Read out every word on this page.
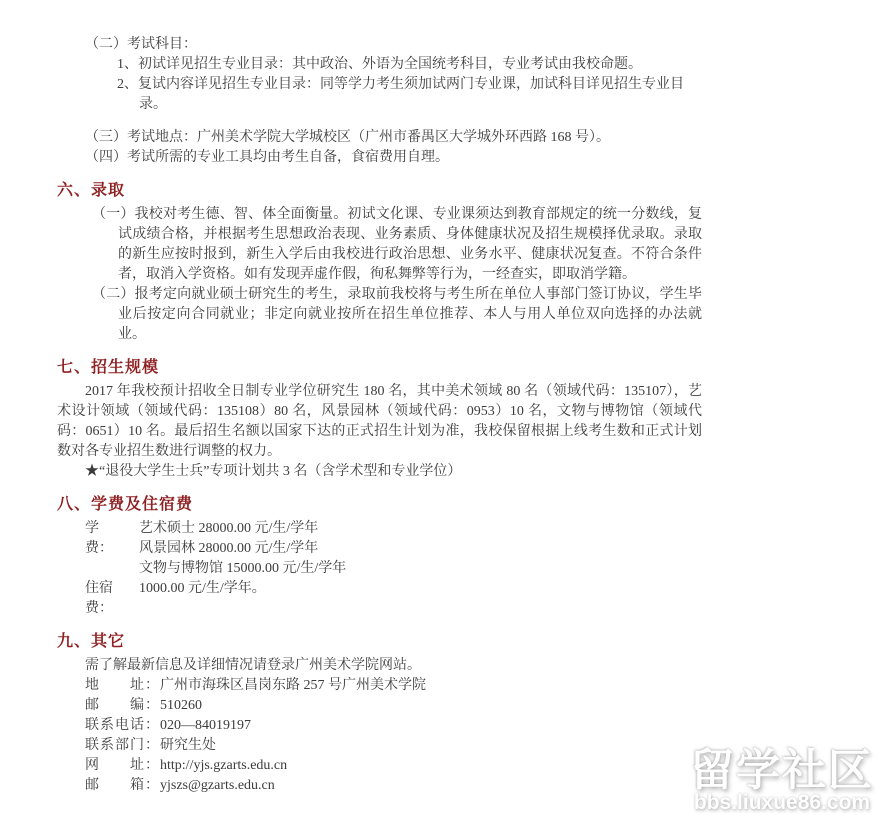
（二）考试科目：
1、初试详见招生专业目录：其中政治、外语为全国统考科目，专业考试由我校命题。
2、复试内容详见招生专业目录：同等学力考生须加试两门专业课，加试科目详见招生专业目录。
（三）考试地点：广州美术学院大学城校区（广州市番禺区大学城外环西路 168 号）。
（四）考试所需的专业工具均由考生自备，食宿费用自理。
六、录取
（一）我校对考生德、智、体全面衡量。初试文化课、专业课须达到教育部规定的统一分数线，复试成绩合格，并根据考生思想政治表现、业务素质、身体健康状况及招生规模择优录取。录取的新生应按时报到，新生入学后由我校进行政治思想、业务水平、健康状况复查。不符合条件者，取消入学资格。如有发现弄虚作假，徇私舞弊等行为，一经查实，即取消学籍。
（二）报考定向就业硕士研究生的考生，录取前我校将与考生所在单位人事部门签订协议，学生毕业后按定向合同就业；非定向就业按所在招生单位推荐、本人与用人单位双向选择的办法就业。
七、招生规模
2017 年我校预计招收全日制专业学位研究生 180 名，其中美术领域 80 名（领域代码：135107），艺术设计领域（领域代码：135108）80 名，风景园林（领域代码：0953）10 名，文物与博物馆（领域代码：0651）10 名。最后招生名额以国家下达的正式招生计划为准，我校保留根据上线考生数和正式计划数对各专业招生数进行调整的权力。
★“退役大学生士兵”专项计划共 3 名（含学术型和专业学位）
八、学费及住宿费
学　费：
艺术硕士 28000.00 元/生/学年
风景园林 28000.00 元/生/学年
文物与博物馆 15000.00 元/生/学年
住宿费：
1000.00 元/生/学年。
九、其它
需了解最新信息及详细情况请登录广州美术学院网站。
地　　址：广州市海珠区昌岗东路 257 号广州美术学院
邮　　编：510260
联系电话：020—84019197
联系部门：研究生处
网　　址：http://yjs.gzarts.edu.cn
邮　　箱：yjszs@gzarts.edu.cn	留学社区
bbs.liuxue86.com
